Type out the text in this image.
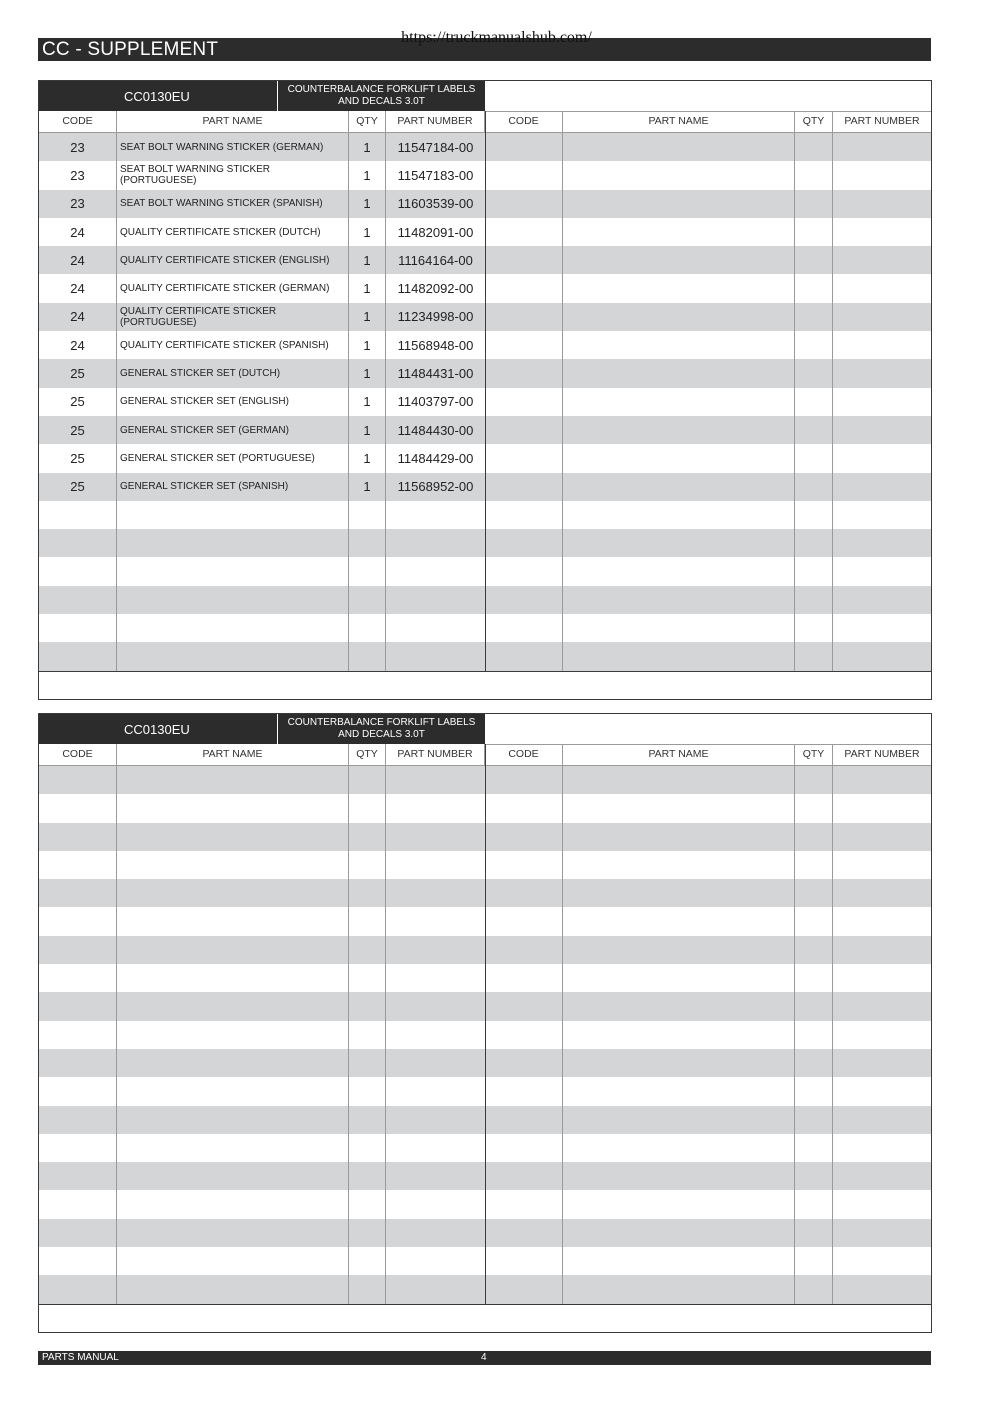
https://truckmanualshub.com/
CC - SUPPLEMENT
CC0130EU	COUNTERBALANCE FORKLIFT LABELS AND DECALS 3.0T
CODE	PART NAME	QTY	PART NUMBER	CODE	PART NAME	QTY	PART NUMBER
23	SEAT BOLT WARNING STICKER (GERMAN)	1	11547184-00
23	SEAT BOLT WARNING STICKER (PORTUGUESE)	1	11547183-00
23	SEAT BOLT WARNING STICKER (SPANISH)	1	11603539-00
24	QUALITY CERTIFICATE STICKER (DUTCH)	1	11482091-00
24	QUALITY CERTIFICATE STICKER (ENGLISH)	1	11164164-00
24	QUALITY CERTIFICATE STICKER (GERMAN)	1	11482092-00
24	QUALITY CERTIFICATE STICKER (PORTUGUESE)	1	11234998-00
24	QUALITY CERTIFICATE STICKER (SPANISH)	1	11568948-00
25	GENERAL STICKER SET (DUTCH)	1	11484431-00
25	GENERAL STICKER SET (ENGLISH)	1	11403797-00
25	GENERAL STICKER SET (GERMAN)	1	11484430-00
25	GENERAL STICKER SET (PORTUGUESE)	1	11484429-00
25	GENERAL STICKER SET (SPANISH)	1	11568952-00
CC0130EU	COUNTERBALANCE FORKLIFT LABELS AND DECALS 3.0T
CODE	PART NAME	QTY	PART NUMBER	CODE	PART NAME	QTY	PART NUMBER
PARTS MANUAL	4
